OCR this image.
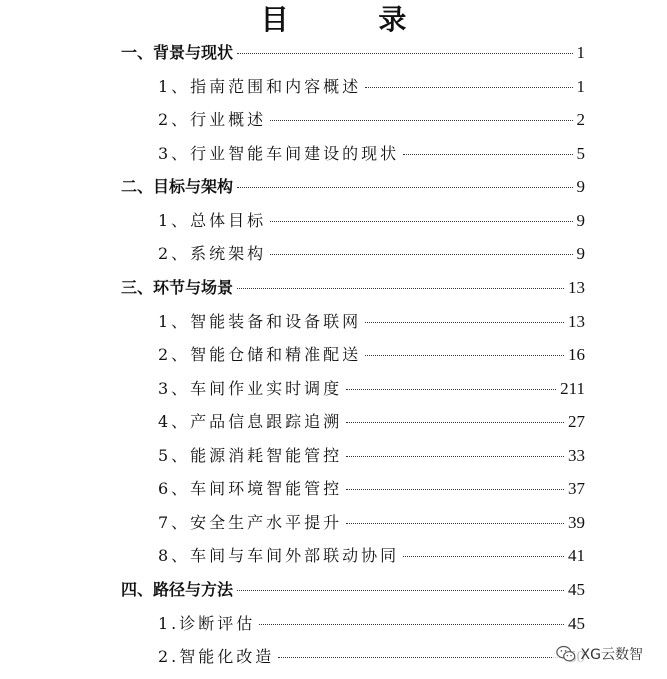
目 录
一、背景与现状	1
1、指南范围和内容概述	1
2、行业概述	2
3、行业智能车间建设的现状	5
二、目标与架构	9
1、总体目标	9
2、系统架构	9
三、环节与场景	13
1、智能装备和设备联网	13
2、智能仓储和精准配送	16
3、车间作业实时调度	211
4、产品信息跟踪追溯	27
5、能源消耗智能管控	33
6、车间环境智能管控	37
7、安全生产水平提升	39
8、车间与车间外部联动协同	41
四、路径与方法	45
1.诊断评估	45
2.智能化改造	XG云数智
